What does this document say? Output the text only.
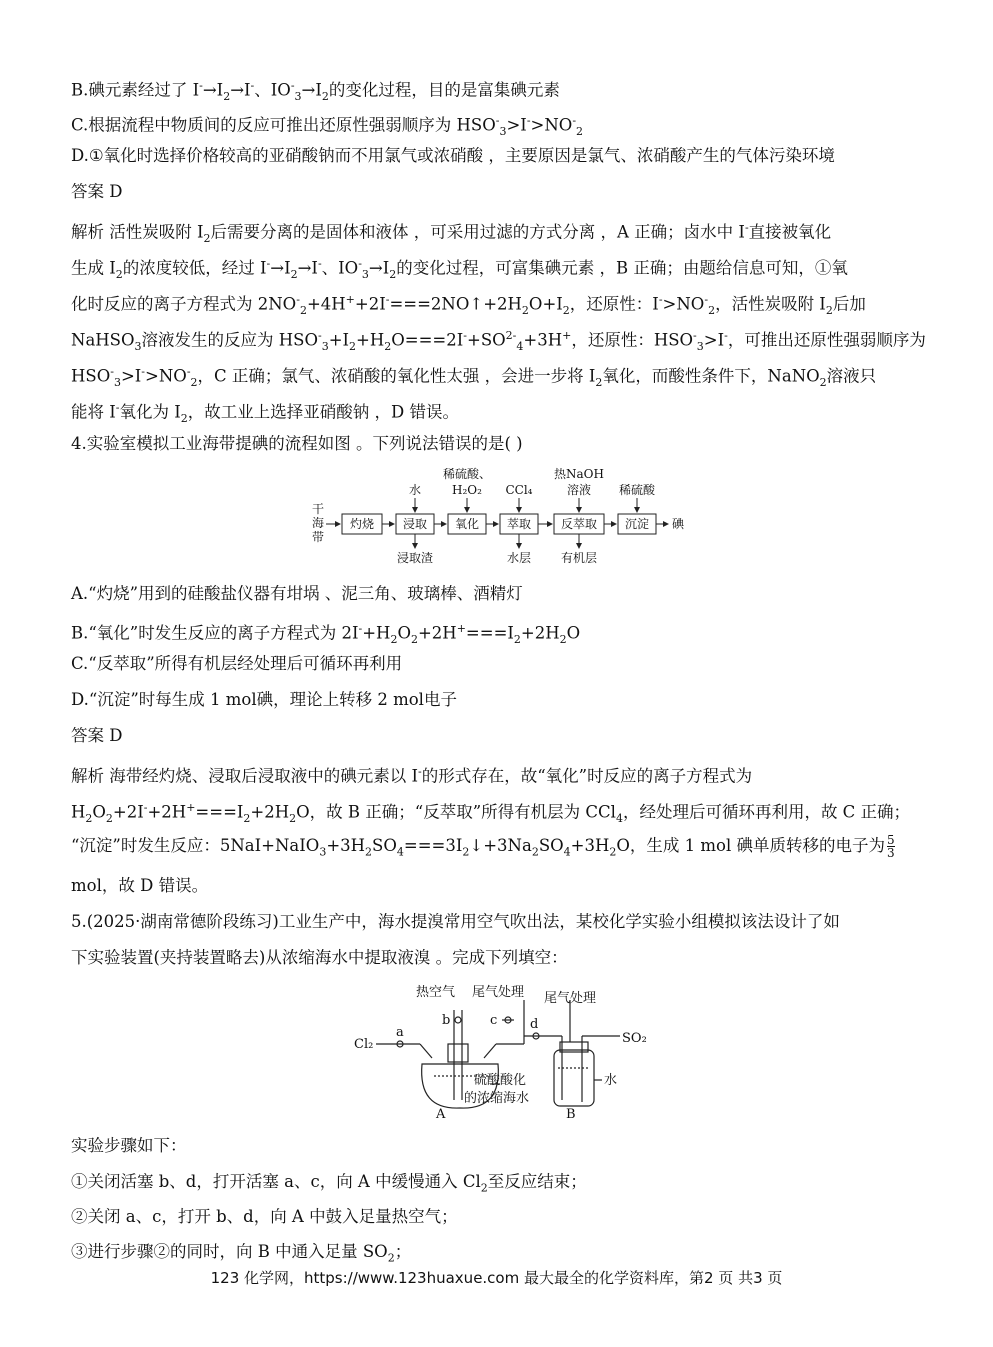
B.碘元素经过了 $I^-\to I_2\to I^-$、$IO^-_3\to I_2$的变化过程，目的是富集碘元素
C.根据流程中物质间的反应可推出还原性强弱顺序为 $HSO^-_3>I^->NO^-_2$
D.①氧化时选择价格较高的亚硝酸钠而不用氯气或浓硝酸 ，主要原因是氯气、浓硝酸产生的气体污染环境
答案 D
解析 活性炭吸附 $I_2$后需要分离的是固体和液体 ，可采用过滤的方式分离 ，A 正确；卤水中 I-直接被氧化
生成 $I_2$的浓度较低，经过 $I^-\to I_2\to I^-$、$IO^-_3\to I_2$的变化过程，可富集碘元素 ，B 正确；由题给信息可知，①氧
化时反应的离子方程式为 $2NO^-_2+4H^++2I^-===2NO↑+2H_2O+I_2$，还原性：$I^->NO^-_2$，活性炭吸附 $I_2$后加
NaHSO$_3$溶液发生的反应为 $HSO^-_3+I_2+H_2O===2I^-+SO^{2-}_4+3H^+$，还原性：$HSO^-_3>I^-$，可推出还原性强弱顺序为
$HSO^-_3>I^->NO^-_2$，C 正确；氯气、浓硝酸的氧化性太强 ，会进一步将 $I_2$氧化，而酸性条件下，NaNO$_2$溶液只
能将 I-氧化为 $I_2$，故工业上选择亚硝酸钠 ，D 错误。
4.实验室模拟工业海带提碘的流程如图 。下列说法错误的是( )
干
海
带
灼烧 浸取 氧化 萃取 反萃取 沉淀 碘
水
稀硫酸、
H₂O₂ CCl₄
热NaOH
溶液 稀硫酸
浸取渣	水层 有机层
A.“灼烧”用到的硅酸盐仪器有坩埚 、泥三角、玻璃棒、酒精灯
B.“氧化”时发生反应的离子方程式为 $2I^-+H_2O_2+2H^+===I_2+2H_2O$
C.“反萃取”所得有机层经处理后可循环再利用
D.“沉淀”时每生成 1 mol碘，理论上转移 2 mol电子
答案 D
解析 海带经灼烧、浸取后浸取液中的碘元素以 I-的形式存在，故“氧化”时反应的离子方程式为
$H_2O_2+2I^-+2H^+===I_2+2H_2O$，故 B 正确；“反萃取”所得有机层为 CCl$_4$，经处理后可循环再利用，故 C 正确；
“沉淀”时发生反应：$5NaI+NaIO_3+3H_2SO_4===3I_2↓+3Na_2SO_4+3H_2O$，生成 1 mol 碘单质转移的电子为 $\frac{5}{3}$
mol，故 D 错误。
5.(2025·湖南常德阶段练习)工业生产中，海水提溴常用空气吹出法，某校化学实验小组模拟该法设计了如
下实验装置(夹持装置略去)从浓缩海水中提取液溴 。完成下列填空：
Cl₂
a
b	c	d
热空气 尾气处理 尾气处理
SO₂
硫酸酸化
的浓缩海水
水
A	B
实验步骤如下：
①关闭活塞 b、d，打开活塞 a、c，向 A 中缓慢通入 $Cl_2$至反应结束；
②关闭 a、c，打开 b、d，向 A 中鼓入足量热空气；
③进行步骤②的同时，向 B 中通入足量 $SO_2$；
123 化学网，https://www.123huaxue.com 最大最全的化学资料库，第2 页 共3 页
